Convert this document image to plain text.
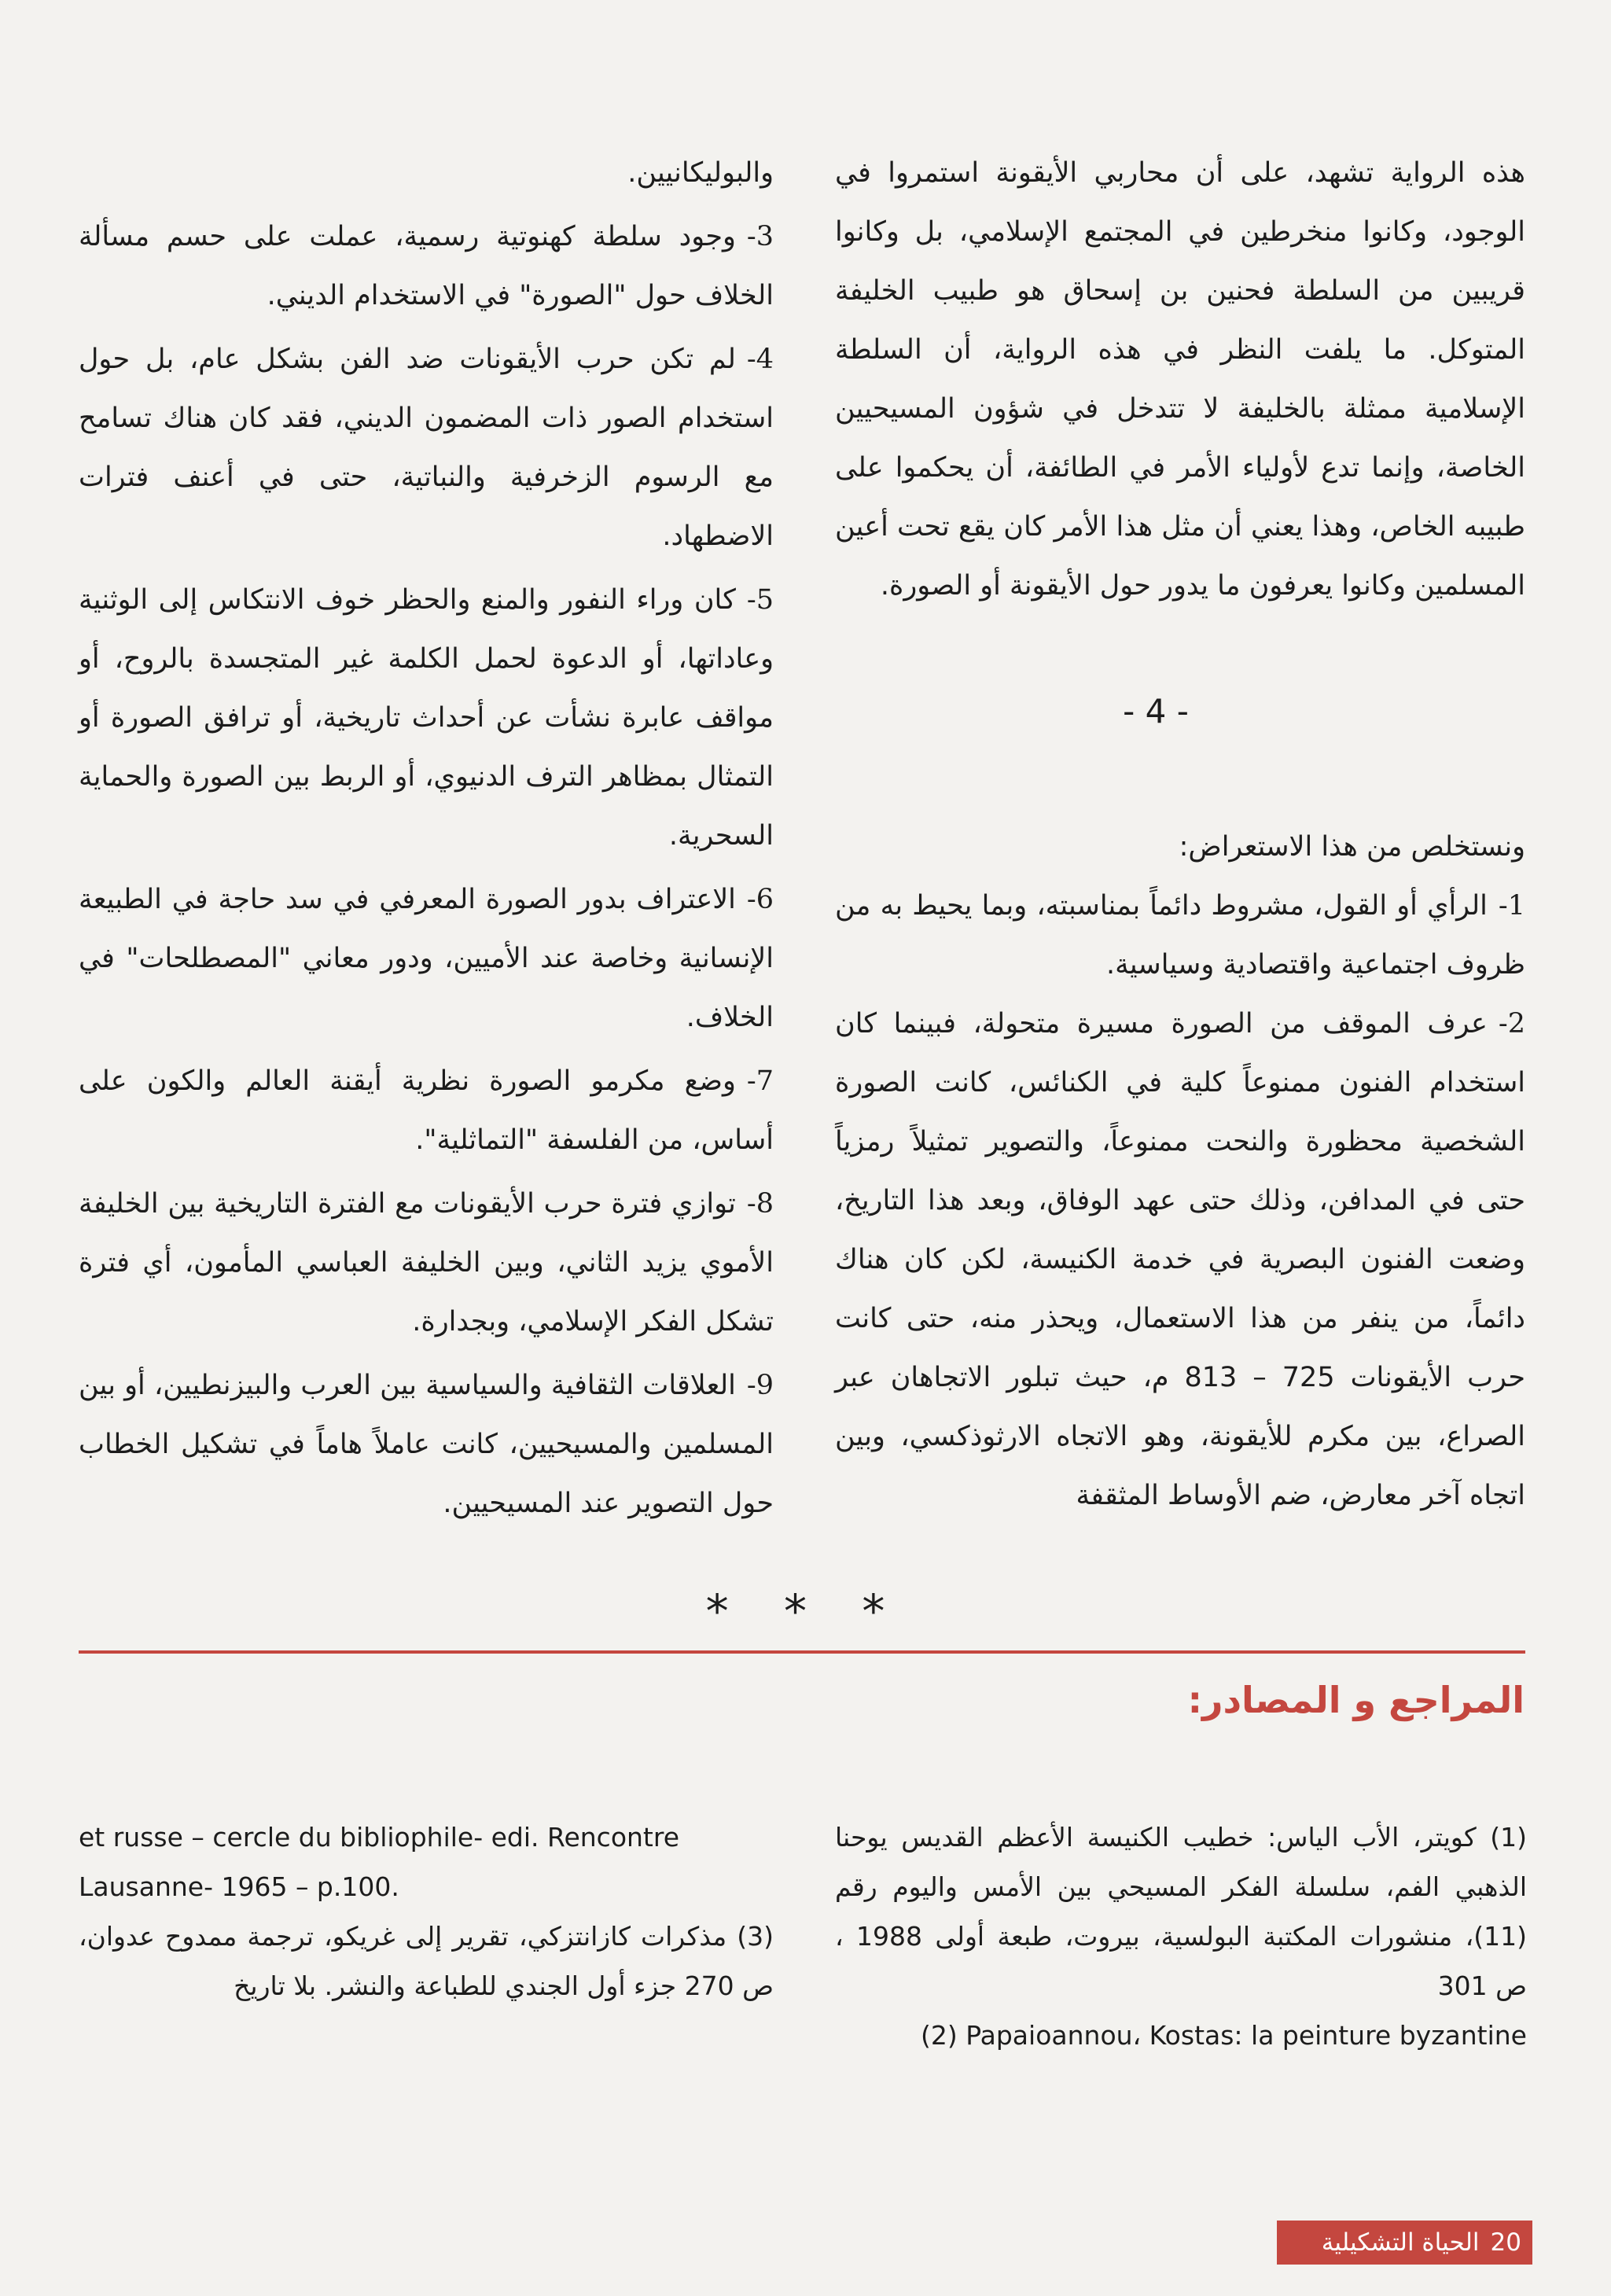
هذه الرواية تشهد، على أن محاربي الأيقونة استمروا في الوجود، وكانوا منخرطين في المجتمع الإسلامي، بل وكانوا قريبين من السلطة فحنين بن إسحاق هو طبيب الخليفة المتوكل. ما يلفت النظر في هذه الرواية، أن السلطة الإسلامية ممثلة بالخليفة لا تتدخل في شؤون المسيحيين الخاصة، وإنما تدع لأولياء الأمر في الطائفة، أن يحكموا على طبيبه الخاص، وهذا يعني أن مثل هذا الأمر كان يقع تحت أعين المسلمين وكانوا يعرفون ما يدور حول الأيقونة أو الصورة.

- 4 -

ونستخلص من هذا الاستعراض:

1-الرأي أو القول، مشروط دائماً بمناسبته، وبما يحيط به من ظروف اجتماعية واقتصادية وسياسية.

2-عرف الموقف من الصورة مسيرة متحولة، فبينما كان استخدام الفنون ممنوعاً كلية في الكنائس، كانت الصورة الشخصية محظورة والنحت ممنوعاً، والتصوير تمثيلاً رمزياً حتى في المدافن، وذلك حتى عهد الوفاق، وبعد هذا التاريخ، وضعت الفنون البصرية في خدمة الكنيسة، لكن كان هناك دائماً، من ينفر من هذا الاستعمال، ويحذر منه، حتى كانت حرب الأيقونات 725 – 813 م، حيث تبلور الاتجاهان عبر الصراع، بين مكرم للأيقونة، وهو الاتجاه الارثوذكسي، وبين اتجاه آخر معارض، ضم الأوساط المثقفة

والبوليكانيين.

3-وجود سلطة كهنوتية رسمية، عملت على حسم مسألة الخلاف حول "الصورة" في الاستخدام الديني.

4-لم تكن حرب الأيقونات ضد الفن بشكل عام، بل حول استخدام الصور ذات المضمون الديني، فقد كان هناك تسامح مع الرسوم الزخرفية والنباتية، حتى في أعنف فترات الاضطهاد.

5-كان وراء النفور والمنع والحظر خوف الانتكاس إلى الوثنية وعاداتها، أو الدعوة لحمل الكلمة غير المتجسدة بالروح، أو مواقف عابرة نشأت عن أحداث تاريخية، أو ترافق الصورة أو التمثال بمظاهر الترف الدنيوي، أو الربط بين الصورة والحماية السحرية.

6-الاعتراف بدور الصورة المعرفي في سد حاجة في الطبيعة الإنسانية وخاصة عند الأميين، ودور معاني "المصطلحات" في الخلاف.

7-وضع مكرمو الصورة نظرية أيقنة العالم والكون على أساس، من الفلسفة "التماثلية".

8-توازي فترة حرب الأيقونات مع الفترة التاريخية بين الخليفة الأموي يزيد الثاني، وبين الخليفة العباسي المأمون، أي فترة تشكل الفكر الإسلامي، وبجدارة.

9-العلاقات الثقافية والسياسية بين العرب والبيزنطيين، أو بين المسلمين والمسيحيين، كانت عاملاً هاماً في تشكيل الخطاب حول التصوير عند المسيحيين.

* * *
المراجع و المصادر:

(1) كويتر، الأب الياس: خطيب الكنيسة الأعظم القديس يوحنا الذهبي الفم، سلسلة الفكر المسيحي بين الأمس واليوم رقم (11)، منشورات المكتبة البولسية، بيروت، طبعة أولى 1988 ، ص 301

(2) Papaioannou، Kostas: la peinture byzantine

et russe – cercle du bibliophile- edi. Rencontre Lausanne- 1965 – p.100.

(3) مذكرات كازانتزكي، تقرير إلى غريكو، ترجمة ممدوح عدوان، ص 270 جزء أول الجندي للطباعة والنشر. بلا تاريخ

20
الحياة التشكيلية
